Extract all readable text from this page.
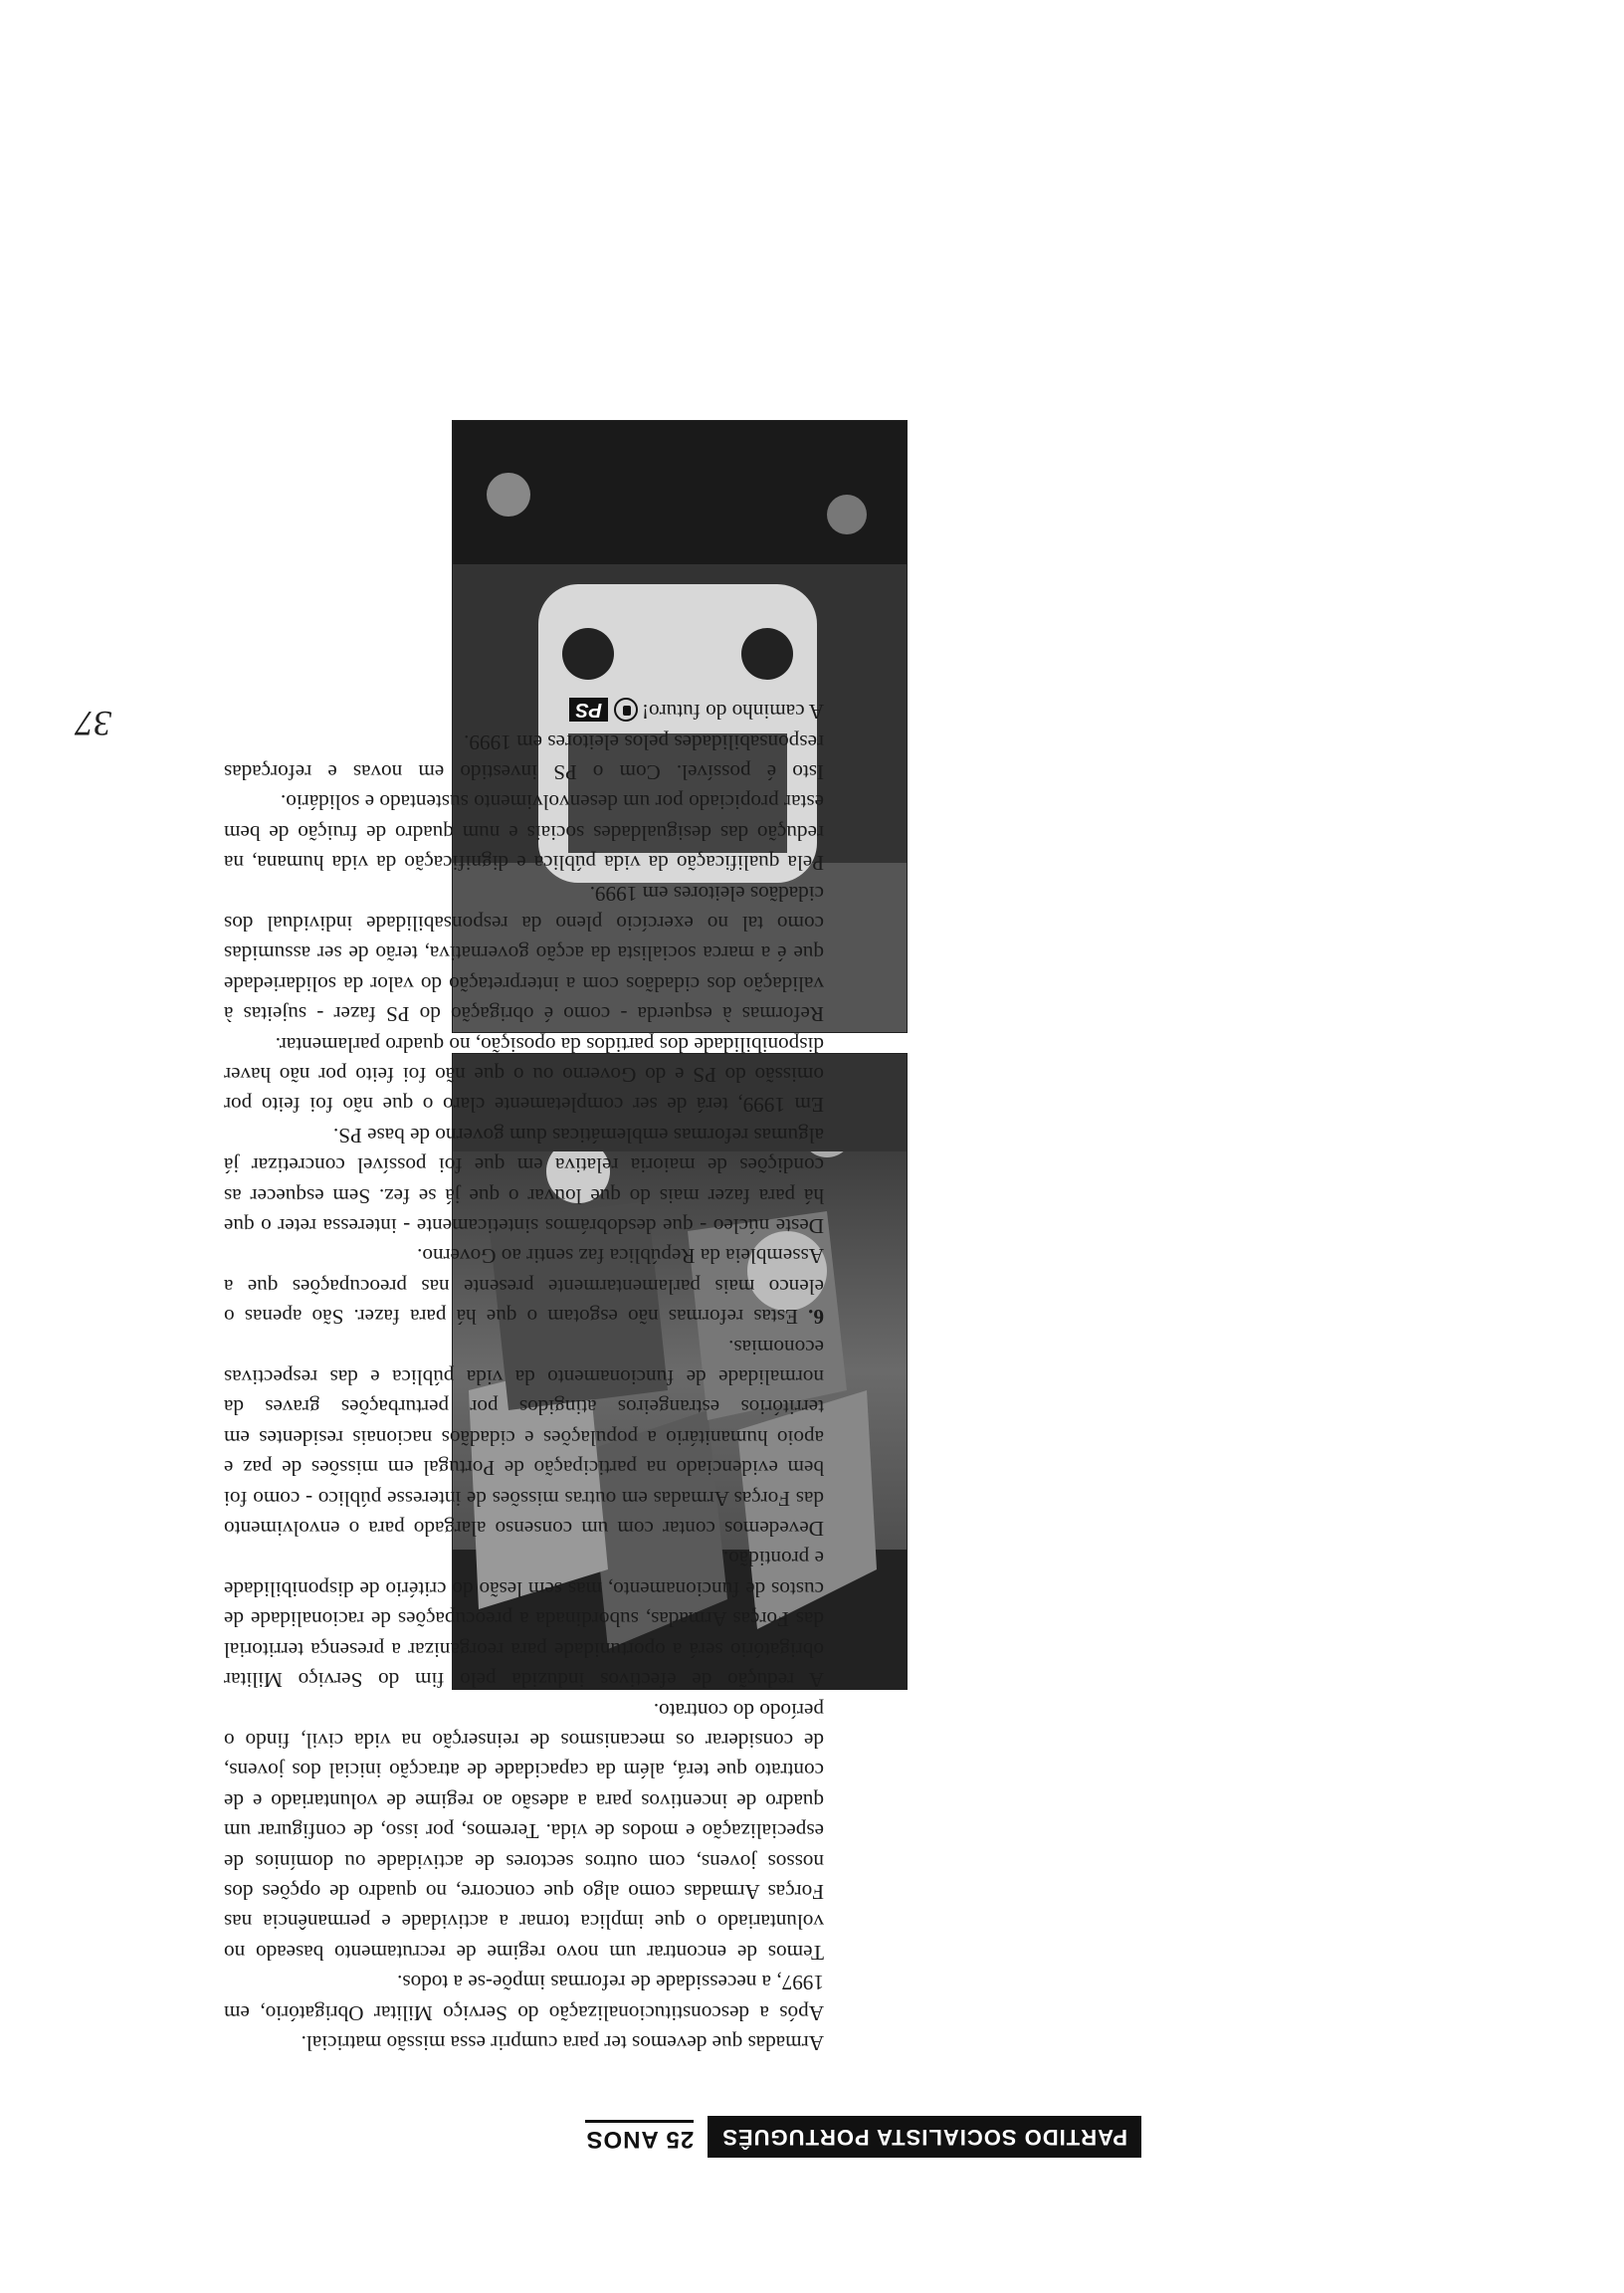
PARTIDO SOCIALISTA PORTUGUÊS
25 ANOS

Armadas que devemos ter para cumprir essa missão matricial.

Após a desconstitucionalização do Serviço Militar Obrigatório, em 1997, a necessidade de reformas impõe-se a todos.

Temos de encontrar um novo regime de recrutamento baseado no voluntariado o que implica tornar a actividade e permanência nas Forças Armadas como algo que concorre, no quadro de opções dos nossos jovens, com outros sectores de actividade ou domínios de especialização e modos de vida. Teremos, por isso, de configurar um quadro de incentivos para a adesão ao regime de voluntariado e de contrato que terá, além da capacidade de atracção inicial dos jovens, de considerar os mecanismos de reinserção na vida civil, findo o período do contrato.

A redução de efectivos induzida pelo fim do Serviço Militar obrigatório será a oportunidade para reorganizar a presença territorial das Forças Armadas, subordinada a preocupações de racionalidade de custos de funcionamento, mas sem lesão do critério de disponibilidade e prontidão.

Devedemos contar com um consenso alargado para o envolvimento das Forças Armadas em outras missões de interesse público - como foi bem evidenciado na participação de Portugal em missões de paz e apoio humanitário a populações e cidadãos nacionais residentes em territórios estrangeiros atingidos por perturbações graves da normalidade de funcionamento da vida pública e das respectivas economias.

6. Estas reformas não esgotam o que há para fazer. São apenas o elenco mais parlamentarmente presente nas preocupações que a Assembleia da República faz sentir ao Governo.

Deste núcleo - que desdobrámos sinteticamente - interessa reter o que há para fazer mais do que louvar o que já se fez. Sem esquecer as condições de maioria relativa em que foi possível concretizar já algumas reformas emblemáticas dum governo de base PS.

Em 1999, terá de ser completamente claro o que não foi feito por omissão do PS e do Governo ou o que não foi feito por não haver disponibilidade dos partidos da oposição, no quadro parlamentar.

Reformas à esquerda - como é obrigação do PS fazer - sujeitas à validação dos cidadãos com a interpretação do valor da solidariedade que é a marca socialista da acção governativa, terão de ser assumidas como tal no exercício pleno da responsabilidade individual dos cidadãos eleitores em 1999.

Pela qualificação da vida pública e dignificação da vida humana, na redução das desigualdades sociais e num quadro de fruição de bem estar propiciado por um desenvolvimento sustentado e solidário.

Isto é possível. Com o PS investido em novas e reforçadas responsabilidades pelos eleitores em 1999.

A caminho do futuro!PS

37
